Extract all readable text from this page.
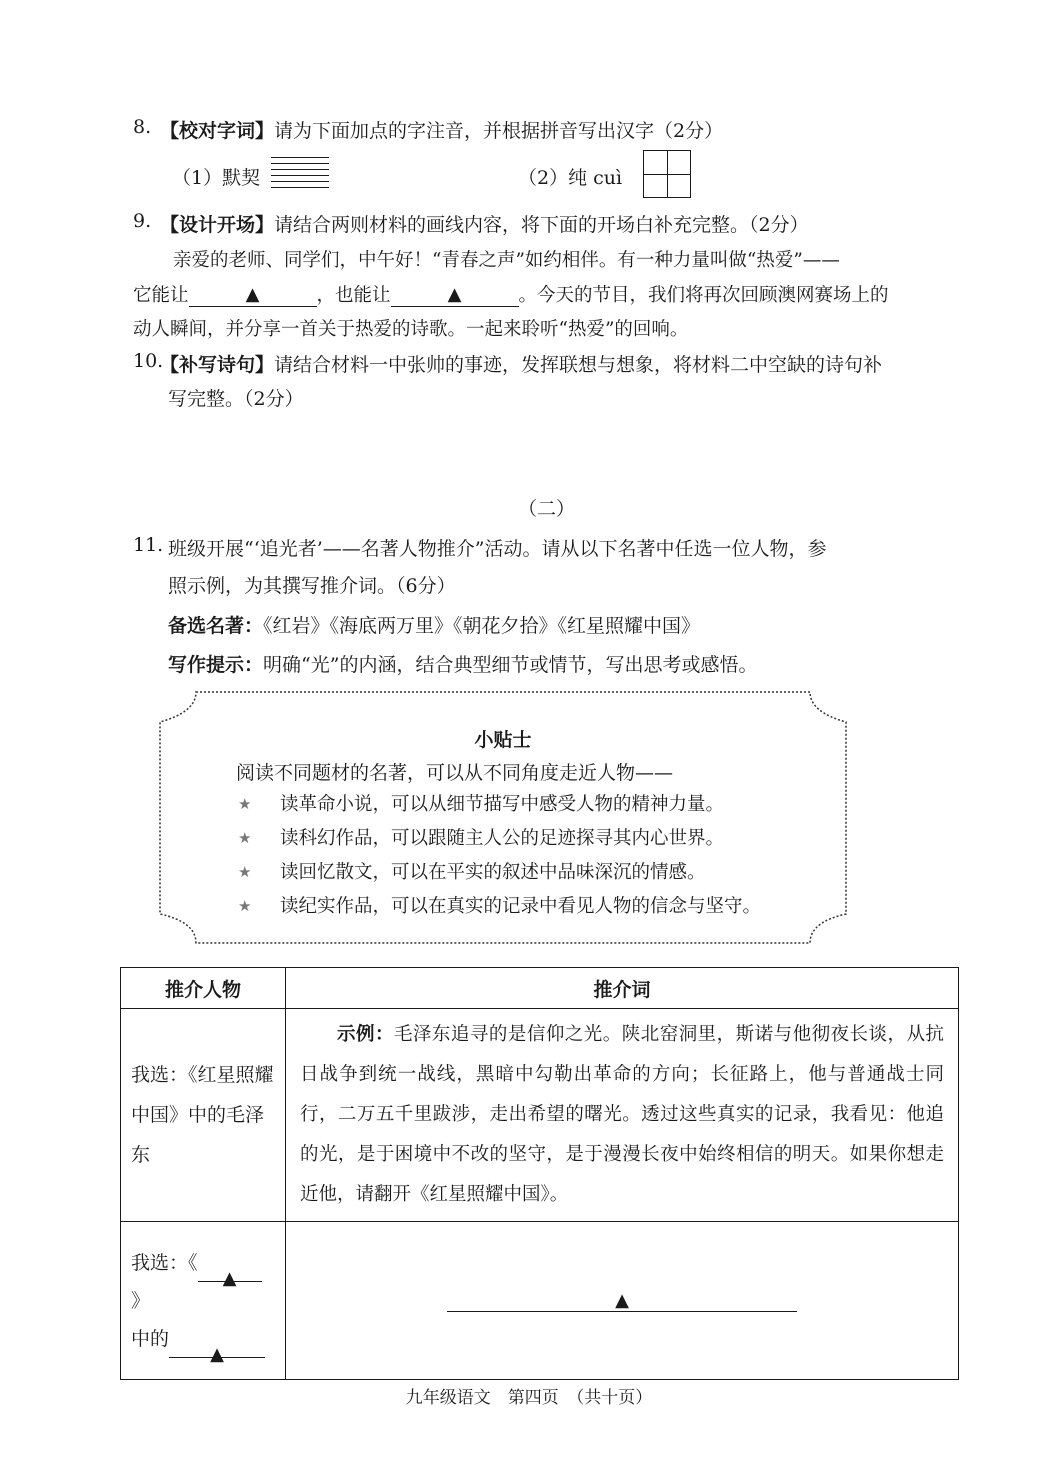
8. 【校对字词】请为下面加点的字注音，并根据拼音写出汉字（2分）
（1）默契	（2）纯 cuì
9. 【设计开场】请结合两则材料的画线内容，将下面的开场白补充完整。（2分）
亲爱的老师、同学们，中午好！“青春之声”如约相伴。有一种力量叫做“热爱”——
它能让	▲	，也能让	▲	。今天的节目，我们将再次回顾澳网赛场上的
动人瞬间，并分享一首关于热爱的诗歌。一起来聆听“热爱”的回响。
10.
【补写诗句】请结合材料一中张帅的事迹，发挥联想与想象，将材料二中空缺的诗句补
写完整。（2分）
（二）
11. 班级开展“‘追光者’——名著人物推介”活动。请从以下名著中任选一位人物，参
照示例，为其撰写推介词。（6分）
备选名著：《红岩》《海底两万里》《朝花夕拾》《红星照耀中国》
写作提示：明确“光”的内涵，结合典型细节或情节，写出思考或感悟。
小贴士
阅读不同题材的名著，可以从不同角度走近人物——
★ 读革命小说，可以从细节描写中感受人物的精神力量。
★ 读科幻作品，可以跟随主人公的足迹探寻其内心世界。
★ 读回忆散文，可以在平实的叙述中品味深沉的情感。
★ 读纪实作品，可以在真实的记录中看见人物的信念与坚守。
推介人物	推介词
我选：《红星照耀中国》中的毛泽东	示例：毛泽东追寻的是信仰之光。陕北窑洞里，斯诺与他彻夜长谈，从抗日战争到统一战线，黑暗中勾勒出革命的方向；长征路上，他与普通战士同行，二万五千里跋涉，走出希望的曙光。透过这些真实的记录，我看见：他追的光，是于困境中不改的坚守，是于漫漫长夜中始终相信的明天。如果你想走近他，请翻开《红星照耀中国》。
我选：《▲》
中的▲	▲
九年级语文　第四页　（共十页）
